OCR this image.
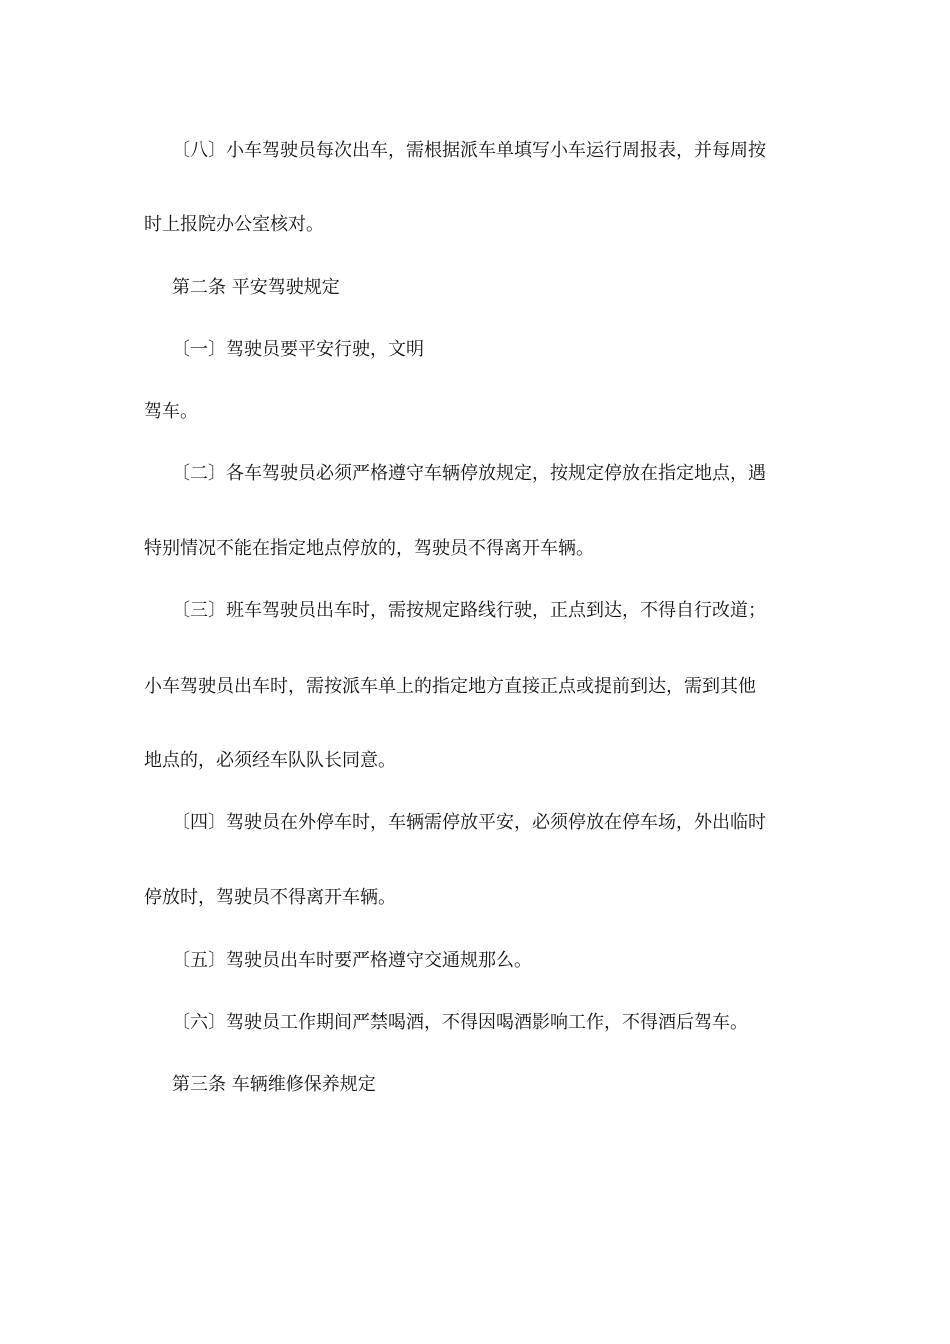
〔八〕小车驾驶员每次出车，需根据派车单填写小车运行周报表，并每周按
时上报院办公室核对。
第二条 平安驾驶规定
〔一〕驾驶员要平安行驶，文明
驾车。
〔二〕各车驾驶员必须严格遵守车辆停放规定，按规定停放在指定地点，遇
特别情况不能在指定地点停放的，驾驶员不得离开车辆。
〔三〕班车驾驶员出车时，需按规定路线行驶，正点到达，不得自行改道；
小车驾驶员出车时，需按派车单上的指定地方直接正点或提前到达，需到其他
地点的，必须经车队队长同意。
〔四〕驾驶员在外停车时，车辆需停放平安，必须停放在停车场，外出临时
停放时，驾驶员不得离开车辆。
〔五〕驾驶员出车时要严格遵守交通规那么。
〔六〕驾驶员工作期间严禁喝酒，不得因喝酒影响工作，不得酒后驾车。
第三条 车辆维修保养规定
